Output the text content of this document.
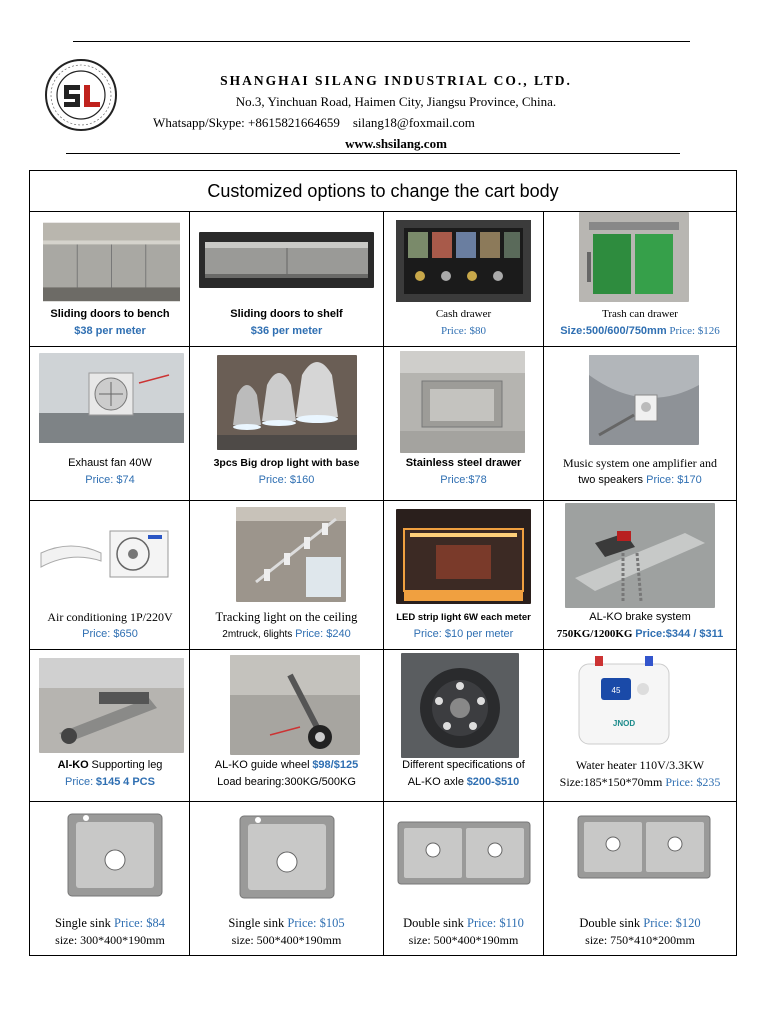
SHANGHAI SILANG INDUSTRIAL CO., LTD.
No.3, Yinchuan Road, Haimen City, Jiangsu Province, China.
Whatsapp/Skype: +8615821664659    silang18@foxmail.com
www.shsilang.com
Customized options to change the cart body
Sliding doors to bench
$38 per meter
Sliding doors to shelf
$36 per meter
Cash drawer
Price: $80
Trash can drawer
Size:500/600/750mm Price: $126
Exhaust fan 40W
Price: $74
3pcs Big drop light with base
Price: $160
Stainless steel drawer
Price:$78
Music system one amplifier and
two speakers Price: $170
Air conditioning 1P/220V
Price: $650
Tracking light on the ceiling
2mtruck, 6lights Price: $240
LED strip light 6W each meter
Price: $10 per meter
AL-KO brake system
750KG/1200KG Price:$344 / $311
Al-KO Supporting leg
Price: $145 4 PCS
AL-KO guide wheel $98/$125
Load bearing:300KG/500KG
Different specifications of
AL-KO axle $200-$510
45
JNOD
Water heater 110V/3.3KW
Size:185*150*70mm Price: $235
Single sink Price: $84
size: 300*400*190mm
Single sink Price: $105
size: 500*400*190mm
Double sink Price: $110
size: 500*400*190mm
Double sink Price: $120
size: 750*410*200mm
